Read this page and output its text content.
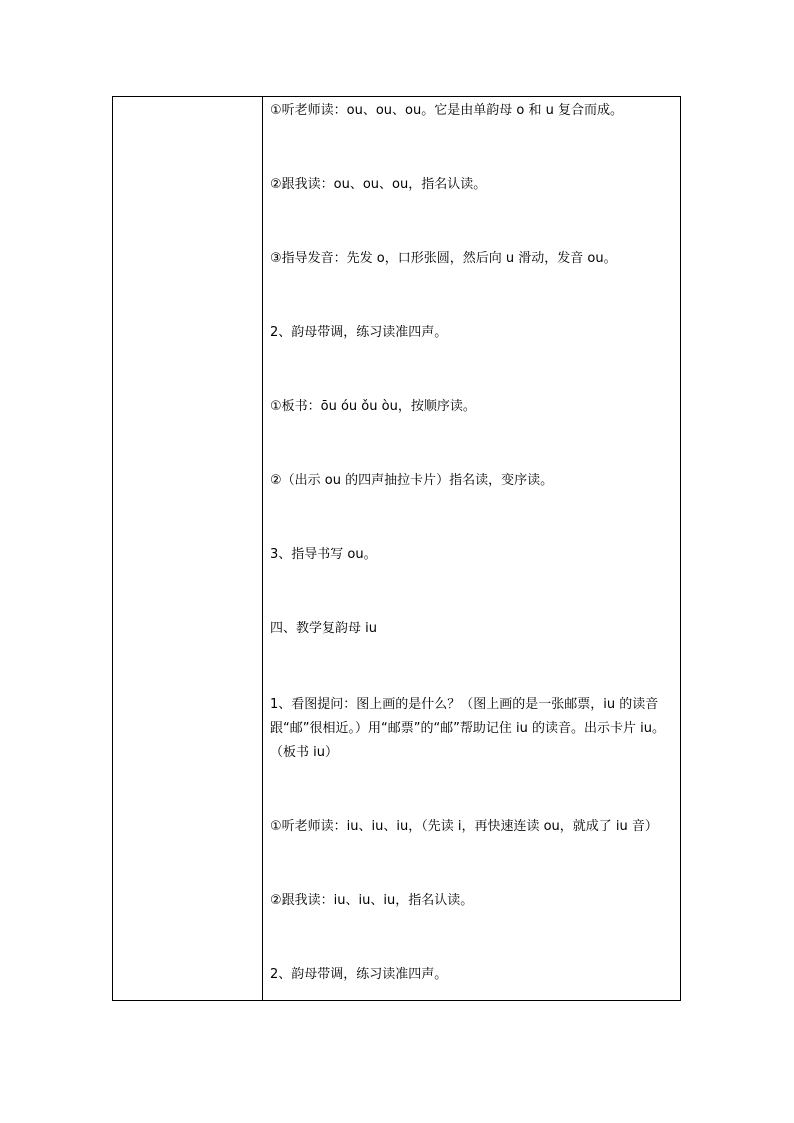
①听老师读：ou、ou、ou。它是由单韵母 o 和 u 复合而成。
②跟我读：ou、ou、ou，指名认读。
③指导发音：先发 o，口形张圆，然后向 u 滑动，发音 ou。
2、韵母带调，练习读准四声。
①板书：ōu óu ǒu òu，按顺序读。
②（出示 ou 的四声抽拉卡片）指名读，变序读。
3、指导书写 ou。
四、教学复韵母 iu
1、看图提问：图上画的是什么？（图上画的是一张邮票，iu 的读音跟“邮”很相近。）用“邮票”的“邮”帮助记住 iu 的读音。出示卡片 iu。（板书 iu）
①听老师读：iu、iu、iu，（先读 i，再快速连读 ou，就成了 iu 音）
②跟我读：iu、iu、iu，指名认读。
2、韵母带调，练习读准四声。
